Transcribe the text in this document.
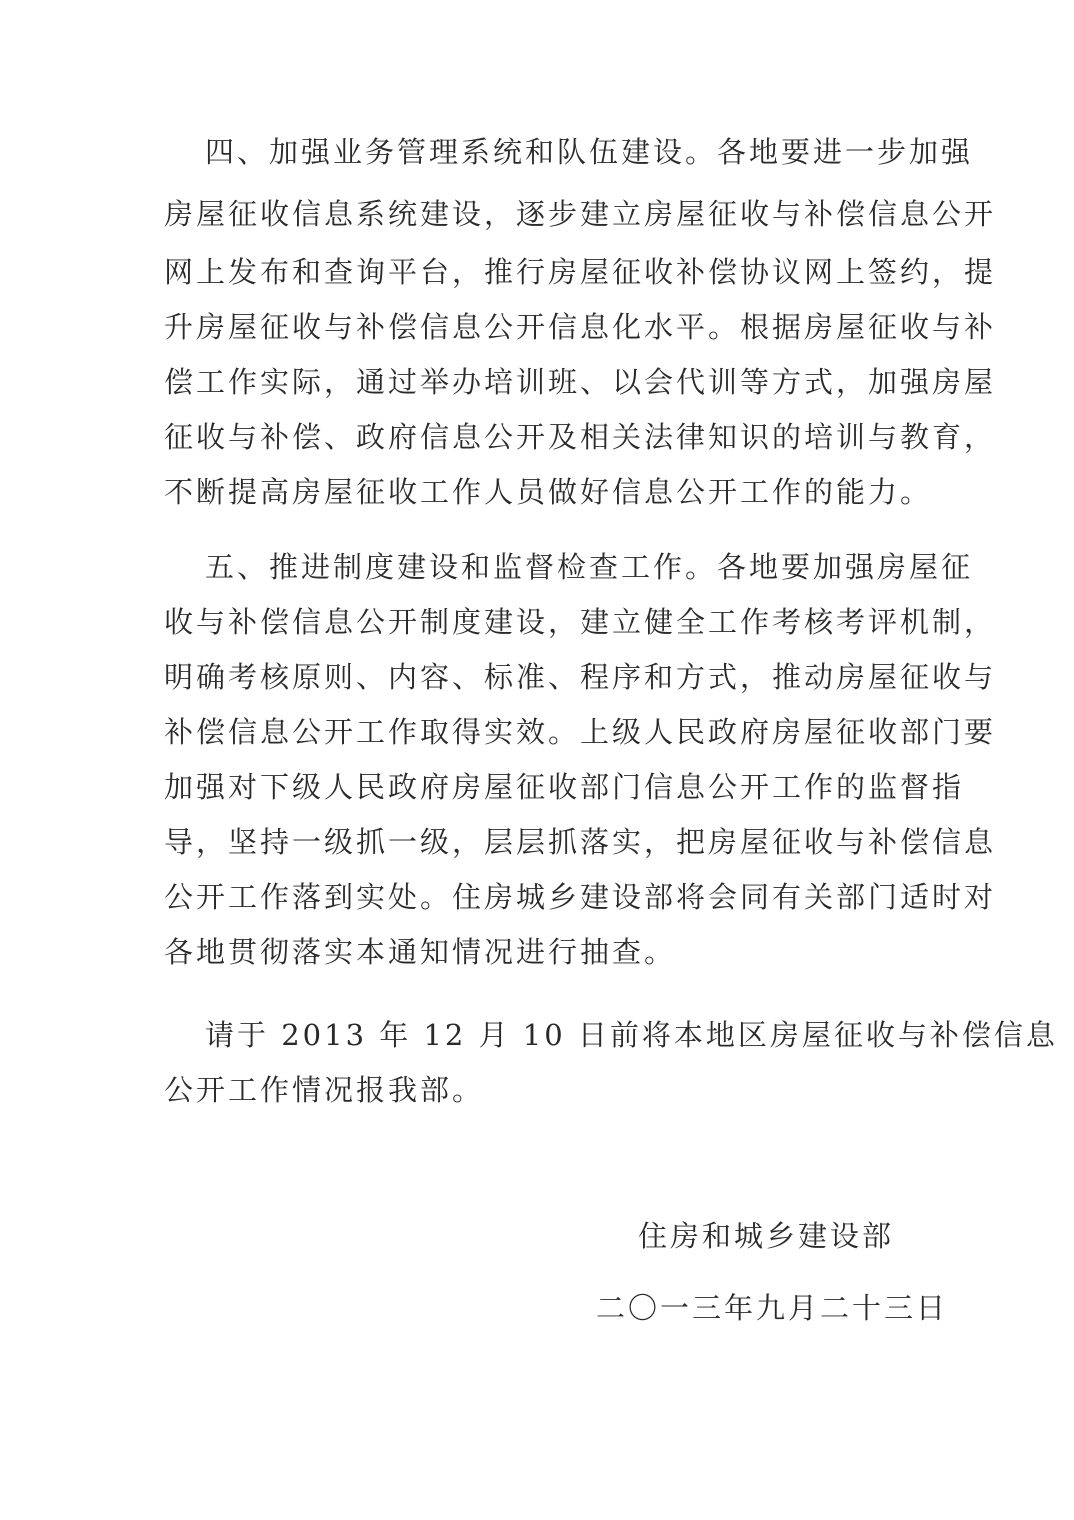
四、加强业务管理系统和队伍建设。各地要进一步加强
房屋征收信息系统建设，逐步建立房屋征收与补偿信息公开
网上发布和查询平台，推行房屋征收补偿协议网上签约，提
升房屋征收与补偿信息公开信息化水平。根据房屋征收与补
偿工作实际，通过举办培训班、以会代训等方式，加强房屋
征收与补偿、政府信息公开及相关法律知识的培训与教育，
不断提高房屋征收工作人员做好信息公开工作的能力。
五、推进制度建设和监督检查工作。各地要加强房屋征
收与补偿信息公开制度建设，建立健全工作考核考评机制，
明确考核原则、内容、标准、程序和方式，推动房屋征收与
补偿信息公开工作取得实效。上级人民政府房屋征收部门要
加强对下级人民政府房屋征收部门信息公开工作的监督指
导，坚持一级抓一级，层层抓落实，把房屋征收与补偿信息
公开工作落到实处。住房城乡建设部将会同有关部门适时对
各地贯彻落实本通知情况进行抽查。
请于 2013 年 12 月 10 日前将本地区房屋征收与补偿信息
公开工作情况报我部。
住房和城乡建设部
二〇一三年九月二十三日
